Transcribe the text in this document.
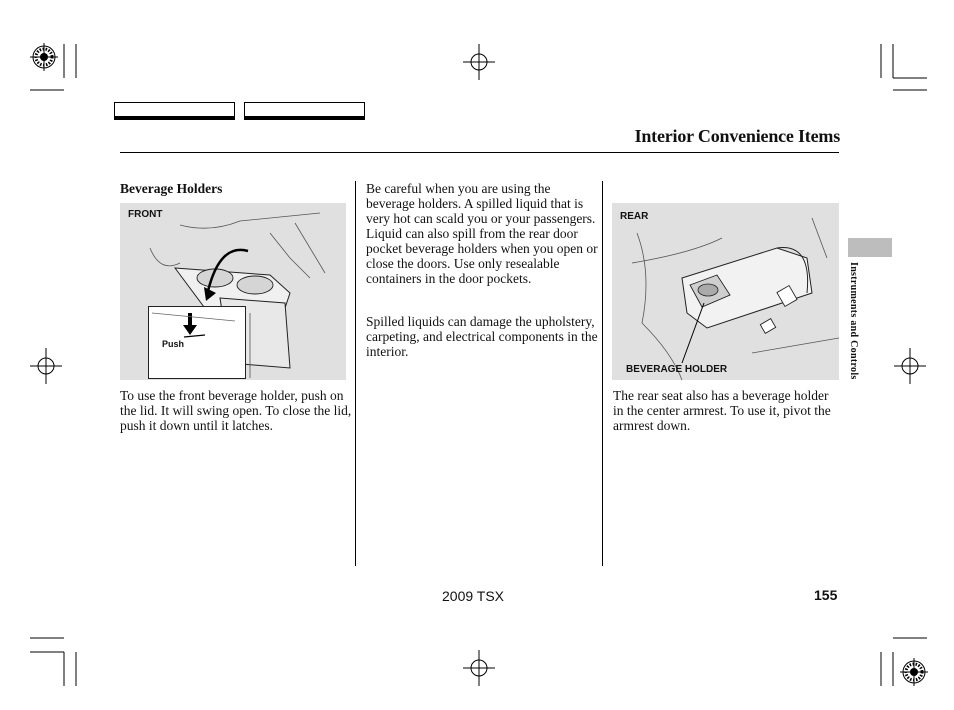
Interior Convenience Items
Beverage Holders
FRONT
Push
To use the front beverage holder, push on the lid. It will swing open. To close the lid, push it down until it latches.
Be careful when you are using the beverage holders. A spilled liquid that is very hot can scald you or your passengers. Liquid can also spill from the rear door pocket beverage holders when you open or close the doors. Use only resealable containers in the door pockets.
Spilled liquids can damage the upholstery, carpeting, and electrical components in the interior.
REAR
BEVERAGE HOLDER
The rear seat also has a beverage holder in the center armrest. To use it, pivot the armrest down.
Instruments and Controls
2009 TSX	155
